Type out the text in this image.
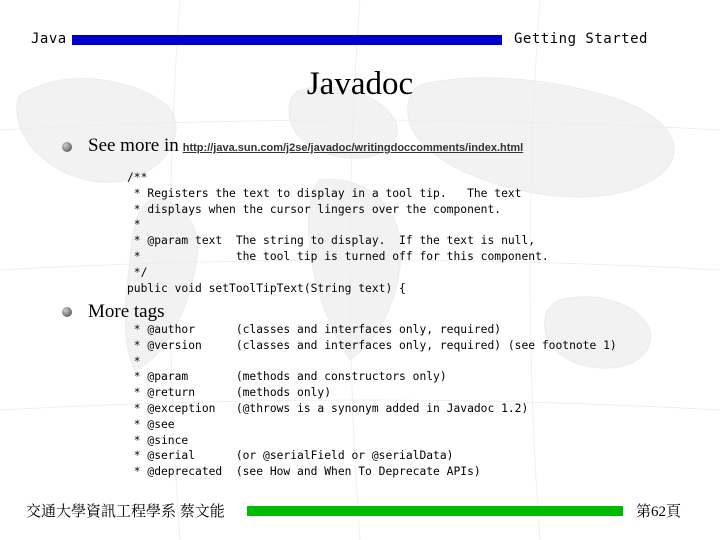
Java	Getting Started
Javadoc
See more in http://java.sun.com/j2se/javadoc/writingdoccomments/index.html
/**
* Registers the text to display in a tool tip.   The text
* displays when the cursor lingers over the component.
*
* @param text  The string to display.  If the text is null,
*              the tool tip is turned off for this component.
*/
public void setToolTipText(String text) {
More tags
* @author      (classes and interfaces only, required)
* @version     (classes and interfaces only, required) (see footnote 1)
*
* @param       (methods and constructors only)
* @return      (methods only)
* @exception   (@throws is a synonym added in Javadoc 1.2)
* @see
* @since
* @serial      (or @serialField or @serialData)
* @deprecated  (see How and When To Deprecate APIs)
交通大學資訊工程學系 蔡文能	第62頁
